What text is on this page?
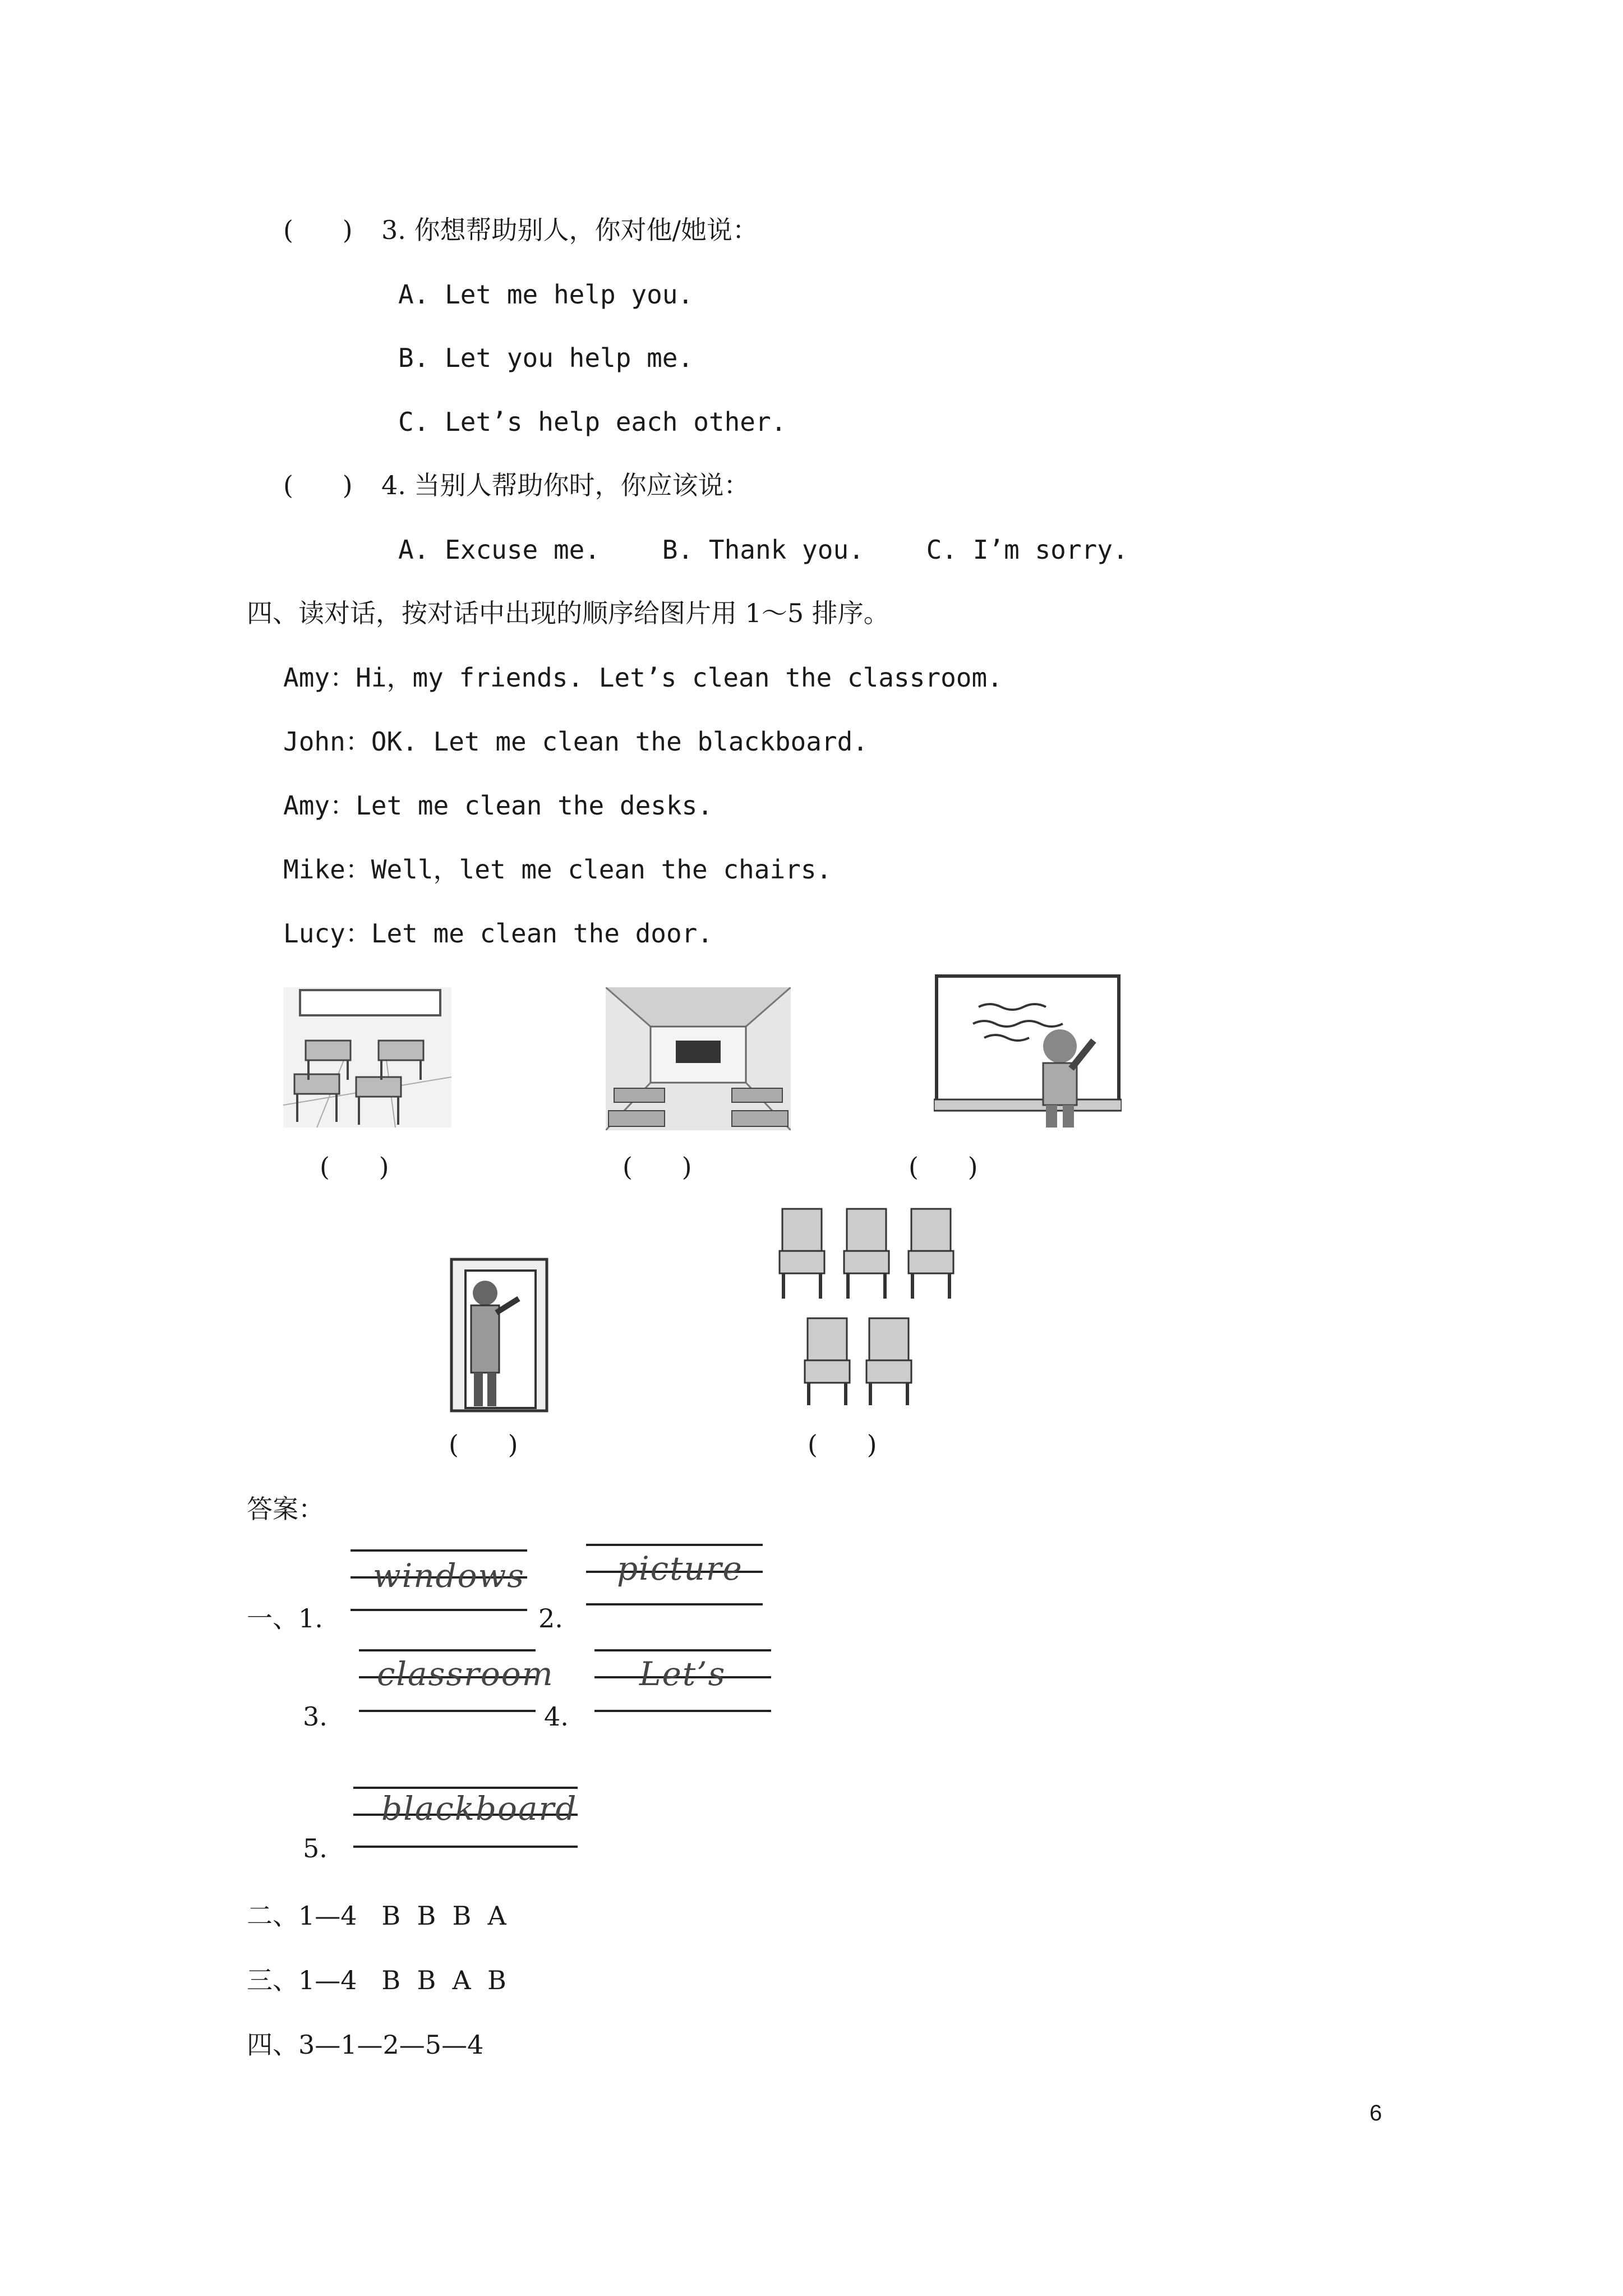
(      ) 3. 你想帮助别人，你对他/她说：
A. Let me help you.
B. Let you help me.
C. Let’s help each other.
(      ) 4. 当别人帮助你时，你应该说：
A. Excuse me.    B. Thank you.    C. I’m sorry.
四、读对话，按对话中出现的顺序给图片用 1～5 排序。
Amy：Hi，my friends. Let’s clean the classroom.
John：OK. Let me clean the blackboard.
Amy：Let me clean the desks.
Mike：Well，let me clean the chairs.
Lucy：Let me clean the door.
(      )	(      )	(      )
(      )	(      )
答案：
一、1.
windows
2.
picture
3.
classroom
4.
Let’s
5.
blackboard
二、1—4   B  B  B  A
三、1—4   B  B  A  B
四、3—1—2—5—4
6
